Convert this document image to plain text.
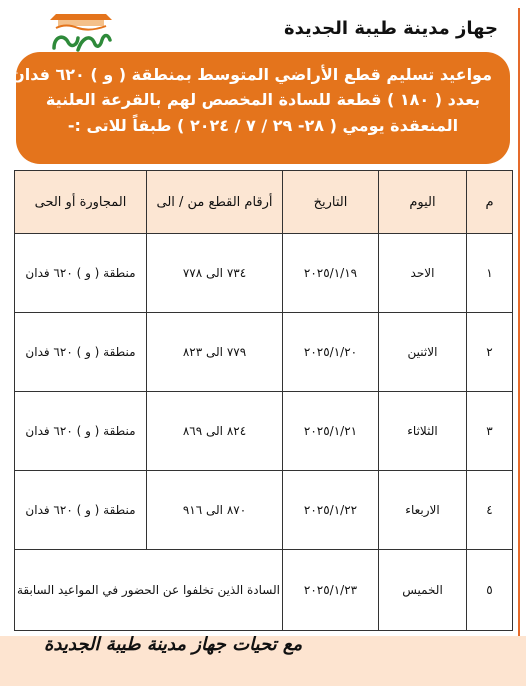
جهاز مدينة طيبة الجديدة
مواعيد تسليم قطع الأراضي المتوسط بمنطقة ( و ) ٦٢٠ فدان
بعدد ( ١٨٠ ) قطعة للسادة المخصص لهم بالقرعة العلنية
المنعقدة يومي ( ٢٨- ٢٩ / ٧ / ٢٠٢٤ ) طبقاً للاتى :-
م	اليوم	التاريخ	أرقام القطع من / الى	المجاورة أو الحى
١	الاحد	٢٠٢٥/١/١٩	٧٣٤ الى ٧٧٨	منطقة ( و ) ٦٢٠ فدان
٢	الاثنين	٢٠٢٥/١/٢٠	٧٧٩ الى ٨٢٣	منطقة ( و ) ٦٢٠ فدان
٣	الثلاثاء	٢٠٢٥/١/٢١	٨٢٤ الى ٨٦٩	منطقة ( و ) ٦٢٠ فدان
٤	الاربعاء	٢٠٢٥/١/٢٢	٨٧٠ الى ٩١٦	منطقة ( و ) ٦٢٠ فدان
٥	الخميس	٢٠٢٥/١/٢٣	السادة الذين تخلفوا عن الحضور في المواعيد السابقة	
مع تحيات جهاز مدينة طيبة الجديدة
